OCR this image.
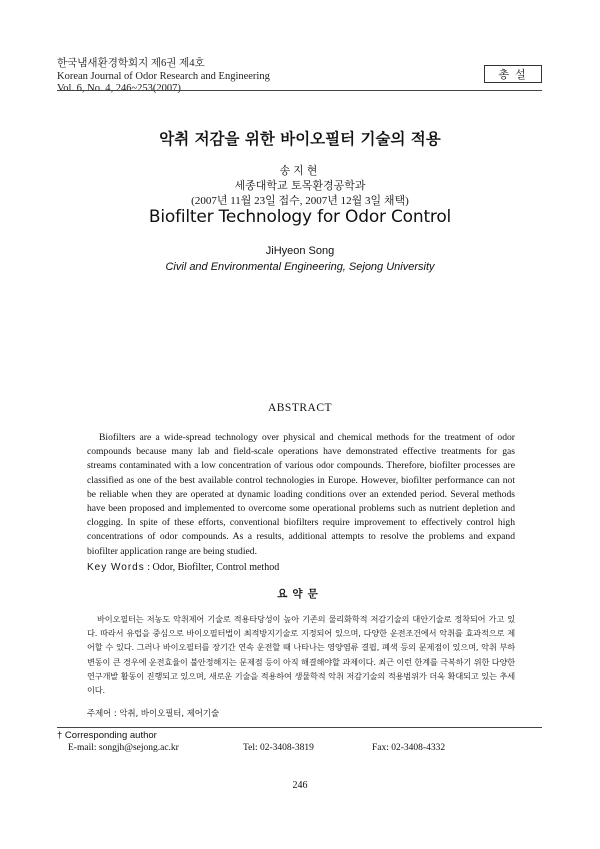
한국냄새환경학회지 제6권 제4호
Korean Journal of Odor Research and Engineering
Vol. 6, No. 4, 246~253(2007)
총설
악취 저감을 위한 바이오필터 기술의 적용
송지현
세종대학교 토목환경공학과
(2007년 11월 23일 접수, 2007년 12월 3일 채택)
Biofilter Technology for Odor Control
JiHyeon Song
Civil and Environmental Engineering, Sejong University
ABSTRACT

Biofilters are a wide-spread technology over physical and chemical methods for the treatment of odor compounds because many lab and field-scale operations have demonstrated effective treatments for gas streams contaminated with a low concentration of various odor compounds. Therefore, biofilter processes are classified as one of the best available control technologies in Europe. However, biofilter performance can not be reliable when they are operated at dynamic loading conditions over an extended period. Several methods have been proposed and implemented to overcome some operational problems such as nutrient depletion and clogging. In spite of these efforts, conventional biofilters require improvement to effectively control high concentrations of odor compounds. As a results, additional attempts to resolve the problems and expand biofilter application range are being studied.

Key Words : Odor, Biofilter, Control method
요약문

바이오필터는 저농도 악취제어 기술로 적용타당성이 높아 기존의 물리화학적 저감기술의 대안기술로 정착되어 가고 있다. 따라서 유럽을 중심으로 바이오필터법이 최적방지기술로 지정되어 있으며, 다양한 운전조건에서 악취를 효과적으로 제어할 수 있다. 그러나 바이오필터를 장기간 연속 운전할 때 나타나는 영양염류 결핍, 폐색 등의 문제점이 있으며, 악취 부하 변동이 큰 경우에 운전효율이 불안정해지는 문제점 등이 아직 해결해야할 과제이다. 최근 이런 한계를 극복하기 위한 다양한 연구개발 활동이 진행되고 있으며, 새로운 기술을 적용하여 생물학적 악취 저감기술의 적용범위가 더욱 확대되고 있는 추세이다.

주제어 : 악취, 바이오필터, 제어기술
† Corresponding author
E-mail: songjh@sejong.ac.kr	Tel: 02-3408-3819	Fax: 02-3408-4332
246
